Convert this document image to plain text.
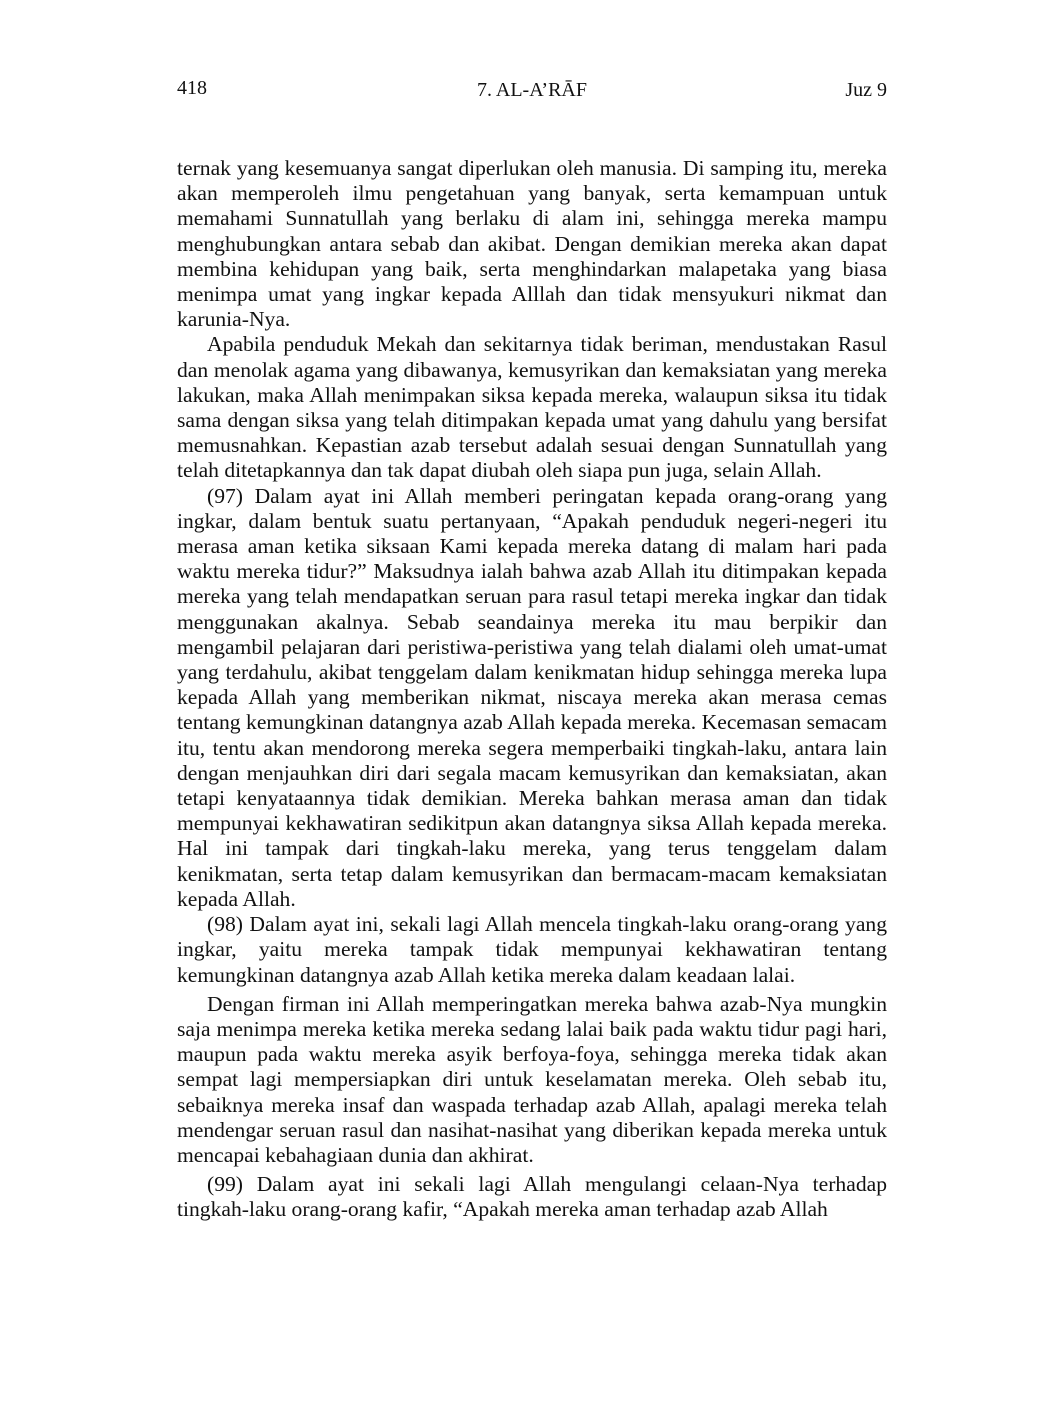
418	7. AL-A’RĀF	Juz 9

ternak yang kesemuanya sangat diperlukan oleh manusia. Di samping itu, mereka akan memperoleh ilmu pengetahuan yang banyak, serta kemampuan untuk memahami Sunnatullah yang berlaku di alam ini, sehingga mereka mampu menghubungkan antara sebab dan akibat. Dengan demikian mereka akan dapat membina kehidupan yang baik, serta menghindarkan malapetaka yang biasa menimpa umat yang ingkar kepada Alllah dan tidak mensyukuri nikmat dan karunia-Nya.

Apabila penduduk Mekah dan sekitarnya tidak beriman, mendustakan Rasul dan menolak agama yang dibawanya, kemusyrikan dan kemaksiatan yang mereka lakukan, maka Allah menimpakan siksa kepada mereka, walaupun siksa itu tidak sama dengan siksa yang telah ditimpakan kepada umat yang dahulu yang bersifat memusnahkan. Kepastian azab tersebut adalah sesuai dengan Sunnatullah yang telah ditetapkannya dan tak dapat diubah oleh siapa pun juga, selain Allah.

(97) Dalam ayat ini Allah memberi peringatan kepada orang-orang yang ingkar, dalam bentuk suatu pertanyaan, “Apakah penduduk negeri-negeri itu merasa aman ketika siksaan Kami kepada mereka datang di malam hari pada waktu mereka tidur?” Maksudnya ialah bahwa azab Allah itu ditimpakan kepada mereka yang telah mendapatkan seruan para rasul tetapi mereka ingkar dan tidak menggunakan akalnya. Sebab seandainya mereka itu mau berpikir dan mengambil pelajaran dari peristiwa-peristiwa yang telah dialami oleh umat-umat yang terdahulu, akibat tenggelam dalam kenikmatan hidup sehingga mereka lupa kepada Allah yang memberikan nikmat, niscaya mereka akan merasa cemas tentang kemungkinan datangnya azab Allah kepada mereka. Kecemasan semacam itu, tentu akan mendorong mereka segera memperbaiki tingkah-laku, antara lain dengan menjauhkan diri dari segala macam kemusyrikan dan kemaksiatan, akan tetapi kenyataannya tidak demikian. Mereka bahkan merasa aman dan tidak mempunyai kekhawatiran sedikitpun akan datangnya siksa Allah kepada mereka. Hal ini tampak dari tingkah-laku mereka, yang terus tenggelam dalam kenikmatan, serta tetap dalam kemusyrikan dan bermacam-macam kemaksiatan kepada Allah.

(98) Dalam ayat ini, sekali lagi Allah mencela tingkah-laku orang-orang yang ingkar, yaitu mereka tampak tidak mempunyai kekhawatiran tentang kemungkinan datangnya azab Allah ketika mereka dalam keadaan lalai.

Dengan firman ini Allah memperingatkan mereka bahwa azab-Nya mungkin saja menimpa mereka ketika mereka sedang lalai baik pada waktu tidur pagi hari, maupun pada waktu mereka asyik berfoya-foya, sehingga mereka tidak akan sempat lagi mempersiapkan diri untuk keselamatan mereka. Oleh sebab itu, sebaiknya mereka insaf dan waspada terhadap azab Allah, apalagi mereka telah mendengar seruan rasul dan nasihat-nasihat yang diberikan kepada mereka untuk mencapai kebahagiaan dunia dan akhirat.

(99) Dalam ayat ini sekali lagi Allah mengulangi celaan-Nya terhadap tingkah-laku orang-orang kafir, “Apakah mereka aman terhadap azab Allah
